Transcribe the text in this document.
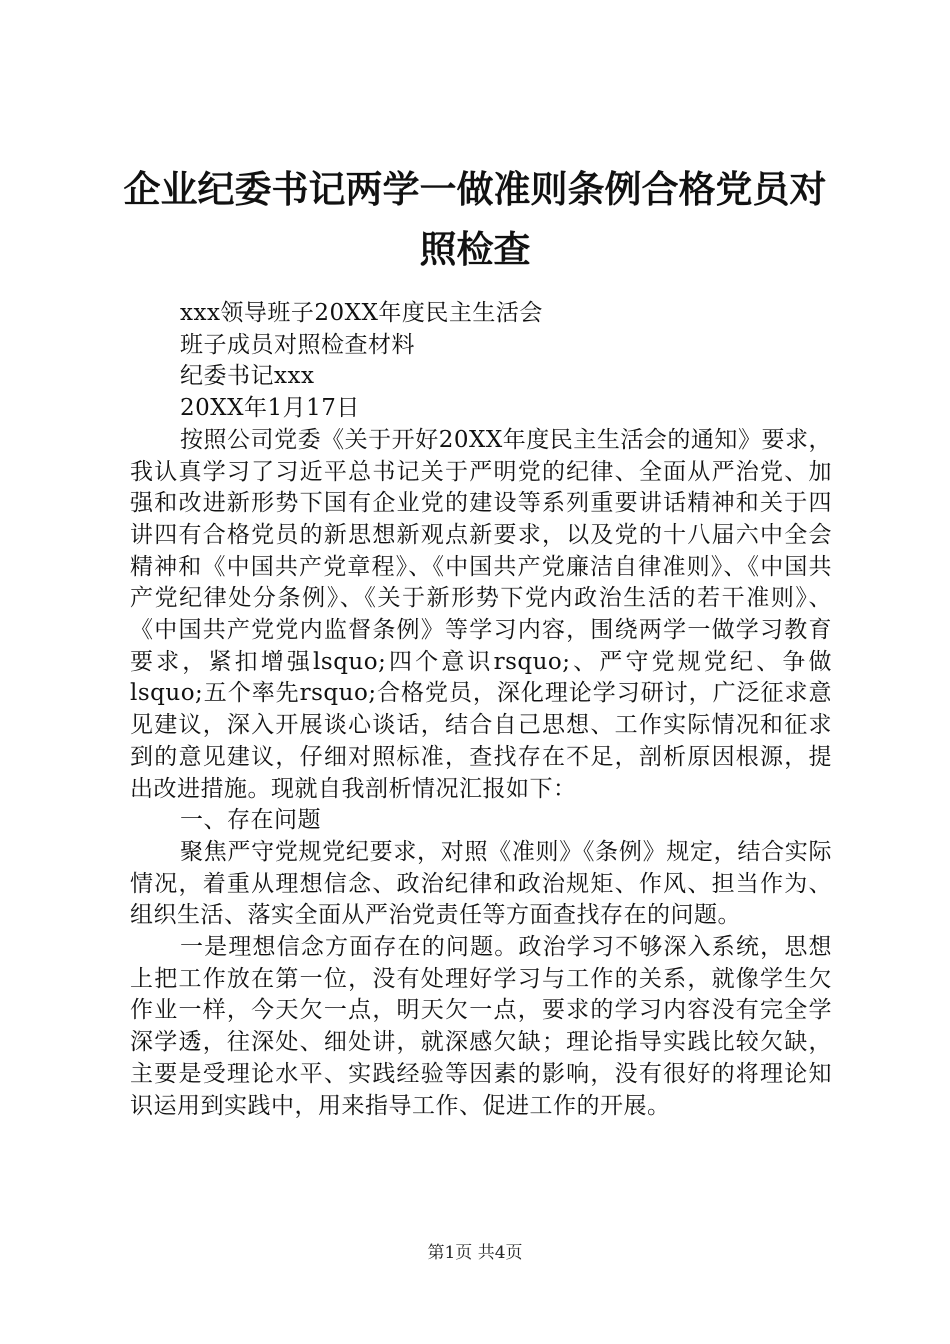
企业纪委书记两学一做准则条例合格党员对照检查

xxx领导班子20XX年度民主生活会

班子成员对照检查材料

纪委书记xxx

20XX年1月17日

按照公司党委《关于开好20XX年度民主生活会的通知》要求，我认真学习了习近平总书记关于严明党的纪律、全面从严治党、加强和改进新形势下国有企业党的建设等系列重要讲话精神和关于四讲四有合格党员的新思想新观点新要求，以及党的十八届六中全会精神和《中国共产党章程》、《中国共产党廉洁自律准则》、《中国共产党纪律处分条例》、《关于新形势下党内政治生活的若干准则》、《中国共产党党内监督条例》等学习内容，围绕两学一做学习教育要求，紧扣增强lsquo;四个意识rsquo;、严守党规党纪、争做lsquo;五个率先rsquo;合格党员，深化理论学习研讨，广泛征求意见建议，深入开展谈心谈话，结合自己思想、工作实际情况和征求到的意见建议，仔细对照标准，查找存在不足，剖析原因根源，提出改进措施。现就自我剖析情况汇报如下：

一、存在问题

聚焦严守党规党纪要求，对照《准则》《条例》规定，结合实际情况，着重从理想信念、政治纪律和政治规矩、作风、担当作为、组织生活、落实全面从严治党责任等方面查找存在的问题。

一是理想信念方面存在的问题。政治学习不够深入系统，思想上把工作放在第一位，没有处理好学习与工作的关系，就像学生欠作业一样，今天欠一点，明天欠一点，要求的学习内容没有完全学深学透，往深处、细处讲，就深感欠缺；理论指导实践比较欠缺，主要是受理论水平、实践经验等因素的影响，没有很好的将理论知识运用到实践中，用来指导工作、促进工作的开展。

第1页 共4页
